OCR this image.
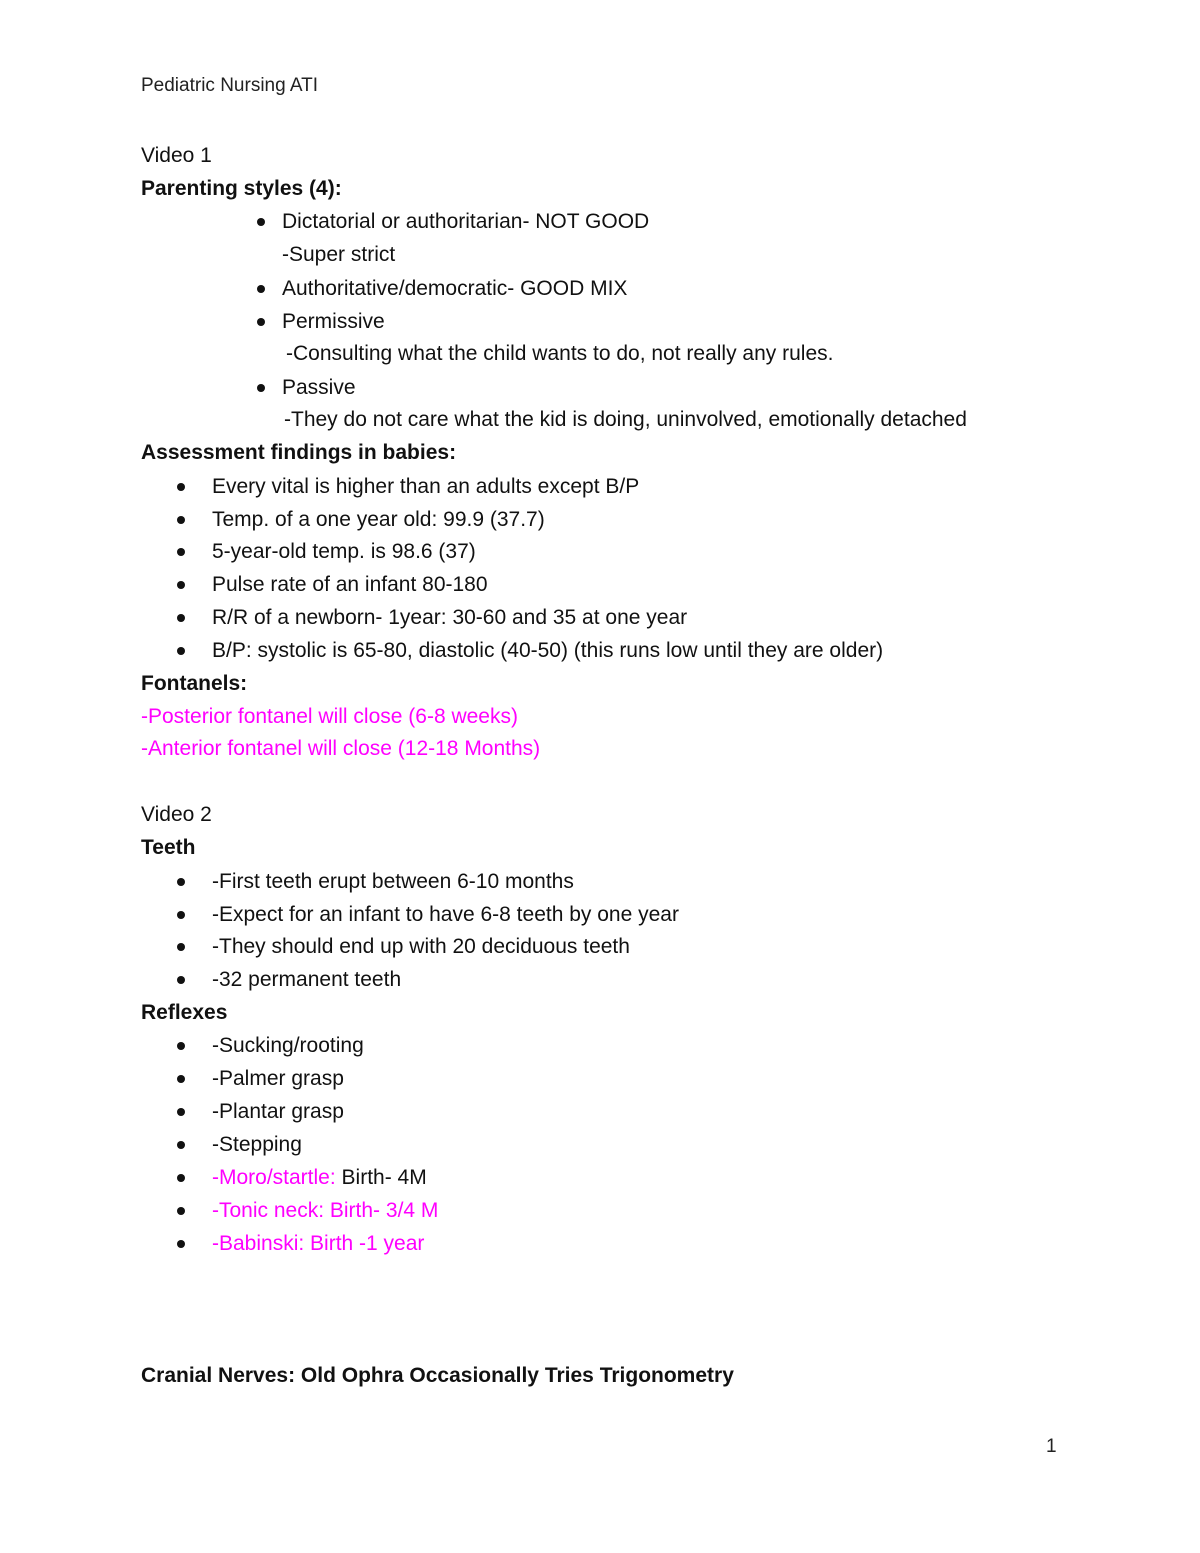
Pediatric Nursing ATI
Video 1
Parenting styles (4):
Dictatorial or authoritarian- NOT GOOD
-Super strict
Authoritative/democratic- GOOD MIX
Permissive
-Consulting what the child wants to do, not really any rules.
Passive
-They do not care what the kid is doing, uninvolved, emotionally detached
Assessment findings in babies:
Every vital is higher than an adults except B/P
Temp. of a one year old: 99.9 (37.7)
5-year-old temp. is 98.6 (37)
Pulse rate of an infant 80-180
R/R of a newborn- 1year: 30-60 and 35 at one year
B/P: systolic is 65-80, diastolic (40-50) (this runs low until they are older)
Fontanels:
-Posterior fontanel will close (6-8 weeks)
-Anterior fontanel will close (12-18 Months)
Video 2
Teeth
-First teeth erupt between 6-10 months
-Expect for an infant to have 6-8 teeth by one year
-They should end up with 20 deciduous teeth
-32 permanent teeth
Reflexes
-Sucking/rooting
-Palmer grasp
-Plantar grasp
-Stepping
-Moro/startle: Birth- 4M
-Tonic neck: Birth- 3/4 M
-Babinski: Birth -1 year
Cranial Nerves: Old Ophra Occasionally Tries Trigonometry
1
